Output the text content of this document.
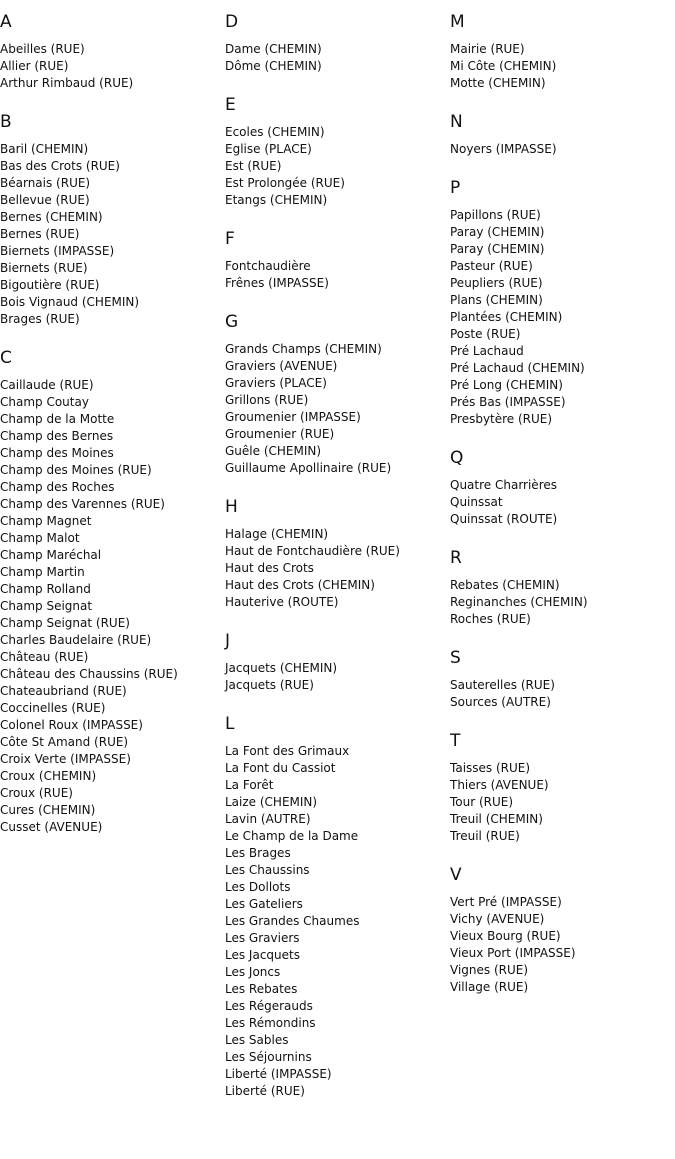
A
Abeilles (RUE)
Allier (RUE)
Arthur Rimbaud (RUE)
B
Baril (CHEMIN)
Bas des Crots (RUE)
Béarnais (RUE)
Bellevue (RUE)
Bernes (CHEMIN)
Bernes (RUE)
Biernets (IMPASSE)
Biernets (RUE)
Bigoutière (RUE)
Bois Vignaud (CHEMIN)
Brages (RUE)
C
Caillaude (RUE)
Champ Coutay
Champ de la Motte
Champ des Bernes
Champ des Moines
Champ des Moines (RUE)
Champ des Roches
Champ des Varennes (RUE)
Champ Magnet
Champ Malot
Champ Maréchal
Champ Martin
Champ Rolland
Champ Seignat
Champ Seignat (RUE)
Charles Baudelaire (RUE)
Château (RUE)
Château des Chaussins (RUE)
Chateaubriand (RUE)
Coccinelles (RUE)
Colonel Roux (IMPASSE)
Côte St Amand (RUE)
Croix Verte (IMPASSE)
Croux (CHEMIN)
Croux (RUE)
Cures (CHEMIN)
Cusset (AVENUE)
D
Dame (CHEMIN)
Dôme (CHEMIN)
E
Ecoles (CHEMIN)
Eglise (PLACE)
Est (RUE)
Est Prolongée (RUE)
Etangs (CHEMIN)
F
Fontchaudière
Frênes (IMPASSE)
G
Grands Champs (CHEMIN)
Graviers (AVENUE)
Graviers (PLACE)
Grillons (RUE)
Groumenier (IMPASSE)
Groumenier (RUE)
Guêle (CHEMIN)
Guillaume Apollinaire (RUE)
H
Halage (CHEMIN)
Haut de Fontchaudière (RUE)
Haut des Crots
Haut des Crots (CHEMIN)
Hauterive (ROUTE)
J
Jacquets (CHEMIN)
Jacquets (RUE)
L
La Font des Grimaux
La Font du Cassiot
La Forêt
Laize (CHEMIN)
Lavin (AUTRE)
Le Champ de la Dame
Les Brages
Les Chaussins
Les Dollots
Les Gateliers
Les Grandes Chaumes
Les Graviers
Les Jacquets
Les Joncs
Les Rebates
Les Régerauds
Les Rémondins
Les Sables
Les Séjournins
Liberté (IMPASSE)
Liberté (RUE)
M
Mairie (RUE)
Mi Côte (CHEMIN)
Motte (CHEMIN)
N
Noyers (IMPASSE)
P
Papillons (RUE)
Paray (CHEMIN)
Paray (CHEMIN)
Pasteur (RUE)
Peupliers (RUE)
Plans (CHEMIN)
Plantées (CHEMIN)
Poste (RUE)
Pré Lachaud
Pré Lachaud (CHEMIN)
Pré Long (CHEMIN)
Prés Bas (IMPASSE)
Presbytère (RUE)
Q
Quatre Charrières
Quinssat
Quinssat (ROUTE)
R
Rebates (CHEMIN)
Reginanches (CHEMIN)
Roches (RUE)
S
Sauterelles (RUE)
Sources (AUTRE)
T
Taisses (RUE)
Thiers (AVENUE)
Tour (RUE)
Treuil (CHEMIN)
Treuil (RUE)
V
Vert Pré (IMPASSE)
Vichy (AVENUE)
Vieux Bourg (RUE)
Vieux Port (IMPASSE)
Vignes (RUE)
Village (RUE)
